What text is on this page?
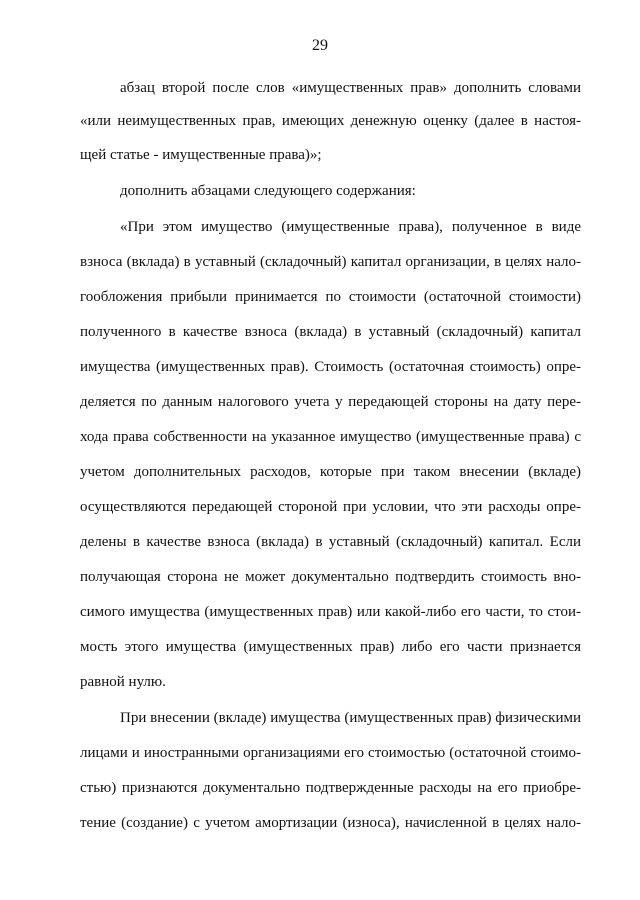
29
абзац второй после слов «имущественных прав» дополнить словами
«или неимущественных прав, имеющих денежную оценку (далее в настоя-
щей статье - имущественные права)»;
дополнить абзацами следующего содержания:
«При этом имущество (имущественные права), полученное в виде
взноса (вклада) в уставный (складочный) капитал организации, в целях нало-
гообложения прибыли принимается по стоимости (остаточной стоимости)
полученного в качестве взноса (вклада) в уставный (складочный) капитал
имущества (имущественных прав). Стоимость (остаточная стоимость) опре-
деляется по данным налогового учета у передающей стороны на дату пере-
хода права собственности на указанное имущество (имущественные права) с
учетом дополнительных расходов, которые при таком внесении (вкладе)
осуществляются передающей стороной при условии, что эти расходы опре-
делены в качестве взноса (вклада) в уставный (складочный) капитал. Если
получающая сторона не может документально подтвердить стоимость вно-
симого имущества (имущественных прав) или какой-либо его части, то стои-
мость этого имущества (имущественных прав) либо его части признается
равной нулю.
При внесении (вкладе) имущества (имущественных прав) физическими
лицами и иностранными организациями его стоимостью (остаточной стоимо-
стью) признаются документально подтвержденные расходы на его приобре-
тение (создание) с учетом амортизации (износа), начисленной в целях нало-
